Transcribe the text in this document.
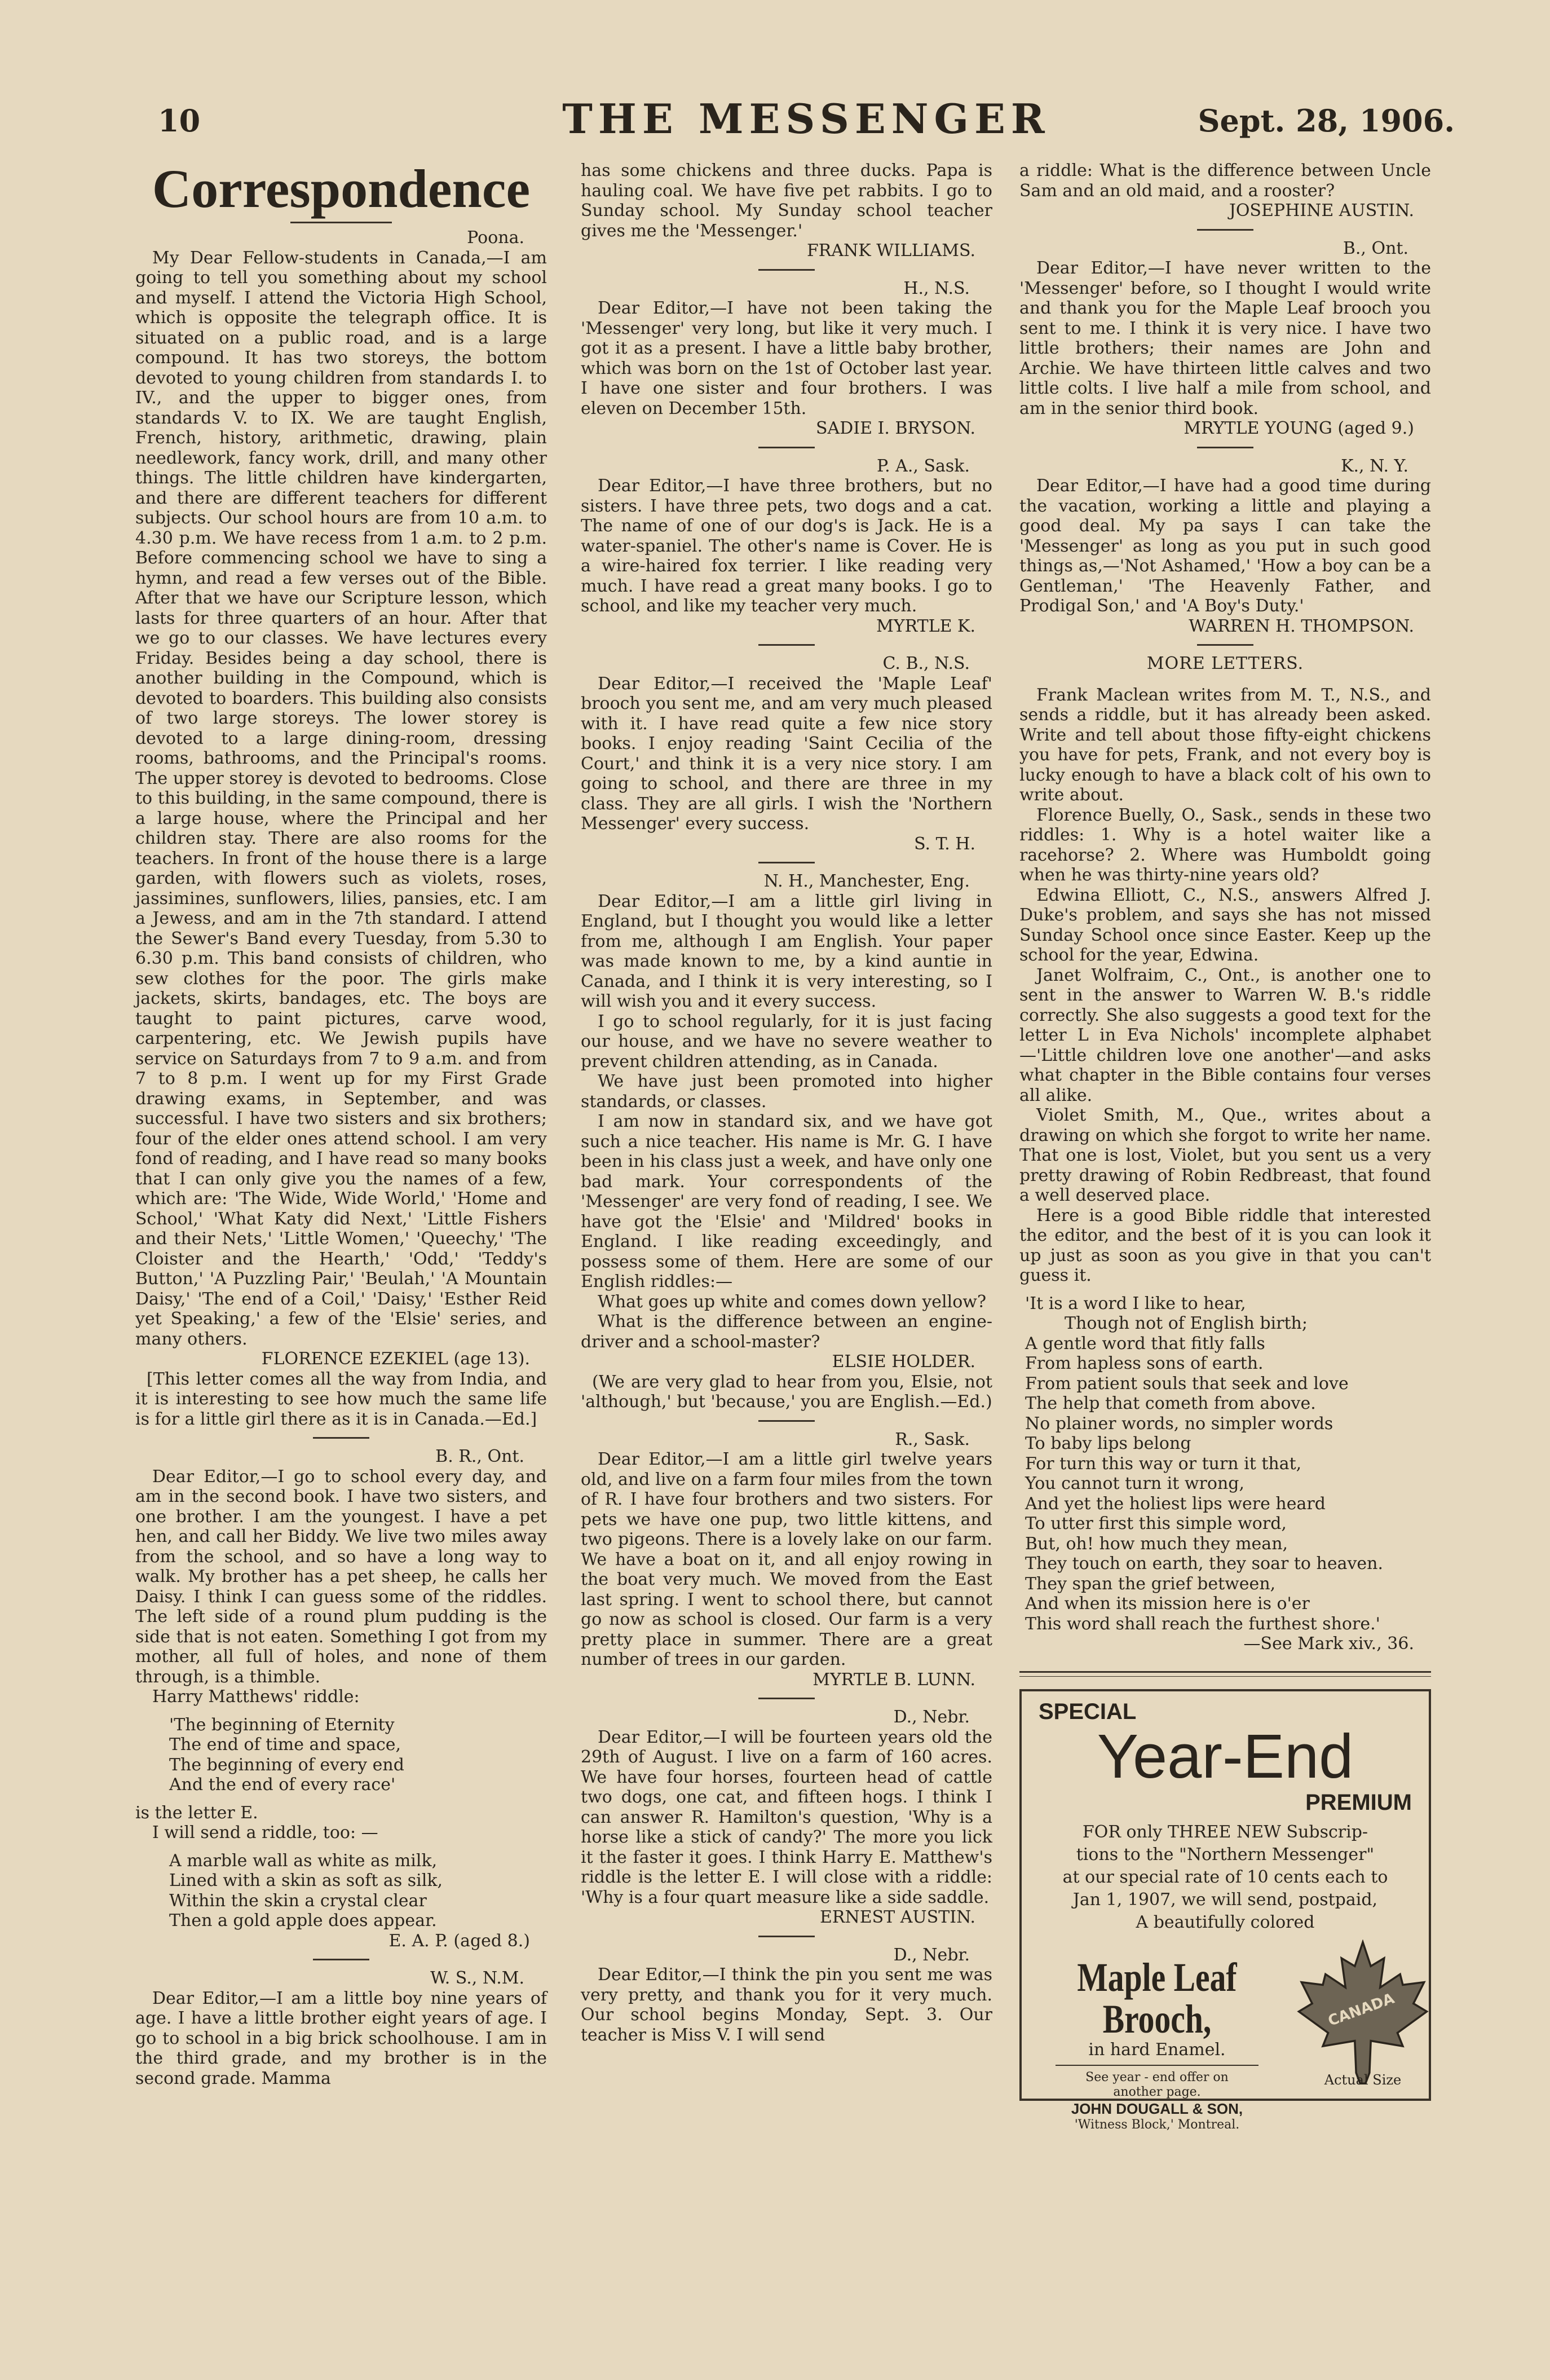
10	THE MESSENGER	Sept. 28, 1906.
Correspondence

Poona.

My Dear Fellow-students in Canada,—I am going to tell you something about my school and myself. I attend the Victoria High School, which is opposite the telegraph office. It is situated on a public road, and is a large compound. It has two storeys, the bottom devoted to young children from standards I. to IV., and the upper to bigger ones, from standards V. to IX. We are taught English, French, history, arithmetic, drawing, plain needlework, fancy work, drill, and many other things. The little children have kindergarten, and there are different teachers for different subjects. Our school hours are from 10 a.m. to 4.30 p.m. We have recess from 1 a.m. to 2 p.m. Before commencing school we have to sing a hymn, and read a few verses out of the Bible. After that we have our Scripture lesson, which lasts for three quarters of an hour. After that we go to our classes. We have lectures every Friday. Besides being a day school, there is another building in the Compound, which is devoted to boarders. This building also consists of two large storeys. The lower storey is devoted to a large dining-room, dressing rooms, bathrooms, and the Principal's rooms. The upper storey is devoted to bedrooms. Close to this building, in the same compound, there is a large house, where the Principal and her children stay. There are also rooms for the teachers. In front of the house there is a large garden, with flowers such as violets, roses, jassimines, sunflowers, lilies, pansies, etc. I am a Jewess, and am in the 7th standard. I attend the Sewer's Band every Tuesday, from 5.30 to 6.30 p.m. This band consists of children, who sew clothes for the poor. The girls make jackets, skirts, bandages, etc. The boys are taught to paint pictures, carve wood, carpentering, etc. We Jewish pupils have service on Saturdays from 7 to 9 a.m. and from 7 to 8 p.m. I went up for my First Grade drawing exams, in September, and was successful. I have two sisters and six brothers; four of the elder ones attend school. I am very fond of reading, and I have read so many books that I can only give you the names of a few, which are: 'The Wide, Wide World,' 'Home and School,' 'What Katy did Next,' 'Little Fishers and their Nets,' 'Little Women,' 'Queechy,' 'The Cloister and the Hearth,' 'Odd,' 'Teddy's Button,' 'A Puzzling Pair,' 'Beulah,' 'A Mountain Daisy,' 'The end of a Coil,' 'Daisy,' 'Esther Reid yet Speaking,' a few of the 'Elsie' series, and many others.

FLORENCE EZEKIEL (age 13).

[This letter comes all the way from India, and it is interesting to see how much the same life is for a little girl there as it is in Canada.—Ed.]

B. R., Ont.

Dear Editor,—I go to school every day, and am in the second book. I have two sisters, and one brother. I am the youngest. I have a pet hen, and call her Biddy. We live two miles away from the school, and so have a long way to walk. My brother has a pet sheep, he calls her Daisy. I think I can guess some of the riddles. The left side of a round plum pudding is the side that is not eaten. Something I got from my mother, all full of holes, and none of them through, is a thimble.

Harry Matthews' riddle:

'The beginning of Eternity

The end of time and space,

The beginning of every end

And the end of every race'

is the letter E.

I will send a riddle, too: —

A marble wall as white as milk,

Lined with a skin as soft as silk,

Within the skin a crystal clear

Then a gold apple does appear.

E. A. P. (aged 8.)

W. S., N.M.

Dear Editor,—I am a little boy nine years of age. I have a little brother eight years of age. I go to school in a big brick schoolhouse. I am in the third grade, and my brother is in the second grade. Mamma

has some chickens and three ducks. Papa is hauling coal. We have five pet rabbits. I go to Sunday school. My Sunday school teacher gives me the 'Messenger.'

FRANK WILLIAMS.

H., N.S.

Dear Editor,—I have not been taking the 'Messenger' very long, but like it very much. I got it as a present. I have a little baby brother, which was born on the 1st of October last year. I have one sister and four brothers. I was eleven on December 15th.

SADIE I. BRYSON.

P. A., Sask.

Dear Editor,—I have three brothers, but no sisters. I have three pets, two dogs and a cat. The name of one of our dog's is Jack. He is a water-spaniel. The other's name is Cover. He is a wire-haired fox terrier. I like reading very much. I have read a great many books. I go to school, and like my teacher very much.

MYRTLE K.

C. B., N.S.

Dear Editor,—I received the 'Maple Leaf' brooch you sent me, and am very much pleased with it. I have read quite a few nice story books. I enjoy reading 'Saint Cecilia of the Court,' and think it is a very nice story. I am going to school, and there are three in my class. They are all girls. I wish the 'Northern Messenger' every success.

S. T. H.

N. H., Manchester, Eng.

Dear Editor,—I am a little girl living in England, but I thought you would like a letter from me, although I am English. Your paper was made known to me, by a kind auntie in Canada, and I think it is very interesting, so I will wish you and it every success.

I go to school regularly, for it is just facing our house, and we have no severe weather to prevent children attending, as in Canada.

We have just been promoted into higher standards, or classes.

I am now in standard six, and we have got such a nice teacher. His name is Mr. G. I have been in his class just a week, and have only one bad mark. Your correspondents of the 'Messenger' are very fond of reading, I see. We have got the 'Elsie' and 'Mildred' books in England. I like reading exceedingly, and possess some of them. Here are some of our English riddles:—

What goes up white and comes down yellow?

What is the difference between an engine-driver and a school-master?

ELSIE HOLDER.

(We are very glad to hear from you, Elsie, not 'although,' but 'because,' you are English.—Ed.)

R., Sask.

Dear Editor,—I am a little girl twelve years old, and live on a farm four miles from the town of R. I have four brothers and two sisters. For pets we have one pup, two little kittens, and two pigeons. There is a lovely lake on our farm. We have a boat on it, and all enjoy rowing in the boat very much. We moved from the East last spring. I went to school there, but cannot go now as school is closed. Our farm is a very pretty place in summer. There are a great number of trees in our garden.

MYRTLE B. LUNN.

D., Nebr.

Dear Editor,—I will be fourteen years old the 29th of August. I live on a farm of 160 acres. We have four horses, fourteen head of cattle two dogs, one cat, and fifteen hogs. I think I can answer R. Hamilton's question, 'Why is a horse like a stick of candy?' The more you lick it the faster it goes. I think Harry E. Matthew's riddle is the letter E. I will close with a riddle: 'Why is a four quart measure like a side saddle.

ERNEST AUSTIN.

D., Nebr.

Dear Editor,—I think the pin you sent me was very pretty, and thank you for it very much. Our school begins Monday, Sept. 3. Our teacher is Miss V. I will send

a riddle: What is the difference between Uncle Sam and an old maid, and a rooster?

JOSEPHINE AUSTIN.

B., Ont.

Dear Editor,—I have never written to the 'Messenger' before, so I thought I would write and thank you for the Maple Leaf brooch you sent to me. I think it is very nice. I have two little brothers; their names are John and Archie. We have thirteen little calves and two little colts. I live half a mile from school, and am in the senior third book.

MRYTLE YOUNG (aged 9.)

K., N. Y.

Dear Editor,—I have had a good time during the vacation, working a little and playing a good deal. My pa says I can take the 'Messenger' as long as you put in such good things as,—'Not Ashamed,' 'How a boy can be a Gentleman,' 'The Heavenly Father, and Prodigal Son,' and 'A Boy's Duty.'

WARREN H. THOMPSON.

MORE LETTERS.

Frank Maclean writes from M. T., N.S., and sends a riddle, but it has already been asked. Write and tell about those fifty-eight chickens you have for pets, Frank, and not every boy is lucky enough to have a black colt of his own to write about.

Florence Buelly, O., Sask., sends in these two riddles: 1. Why is a hotel waiter like a racehorse? 2. Where was Humboldt going when he was thirty-nine years old?

Edwina Elliott, C., N.S., answers Alfred J. Duke's problem, and says she has not missed Sunday School once since Easter. Keep up the school for the year, Edwina.

Janet Wolfraim, C., Ont., is another one to sent in the answer to Warren W. B.'s riddle correctly. She also suggests a good text for the letter L in Eva Nichols' incomplete alphabet—'Little children love one another'—and asks what chapter in the Bible contains four verses all alike.

Violet Smith, M., Que., writes about a drawing on which she forgot to write her name. That one is lost, Violet, but you sent us a very pretty drawing of Robin Redbreast, that found a well deserved place.

Here is a good Bible riddle that interested the editor, and the best of it is you can look it up just as soon as you give in that you can't guess it.

'It is a word I like to hear,

Though not of English birth;

A gentle word that fitly falls

From hapless sons of earth.

From patient souls that seek and love

The help that cometh from above.

No plainer words, no simpler words

To baby lips belong

For turn this way or turn it that,

You cannot turn it wrong,

And yet the holiest lips were heard

To utter first this simple word,

But, oh! how much they mean,

They touch on earth, they soar to heaven.

They span the grief between,

And when its mission here is o'er

This word shall reach the furthest shore.'

—See Mark xiv., 36.

SPECIAL
Year-End
PREMIUM

FOR only THREE NEW Subscrip-

tions to the "Northern Messenger"

at our special rate of 10 cents each to

Jan 1, 1907, we will send, postpaid,

A beautifully colored

Maple Leaf
Brooch,
in hard Enamel.
See year - end offer on
another page.
JOHN DOUGALL & SON,
'Witness Block,' Montreal.
CANADA
Actual Size
